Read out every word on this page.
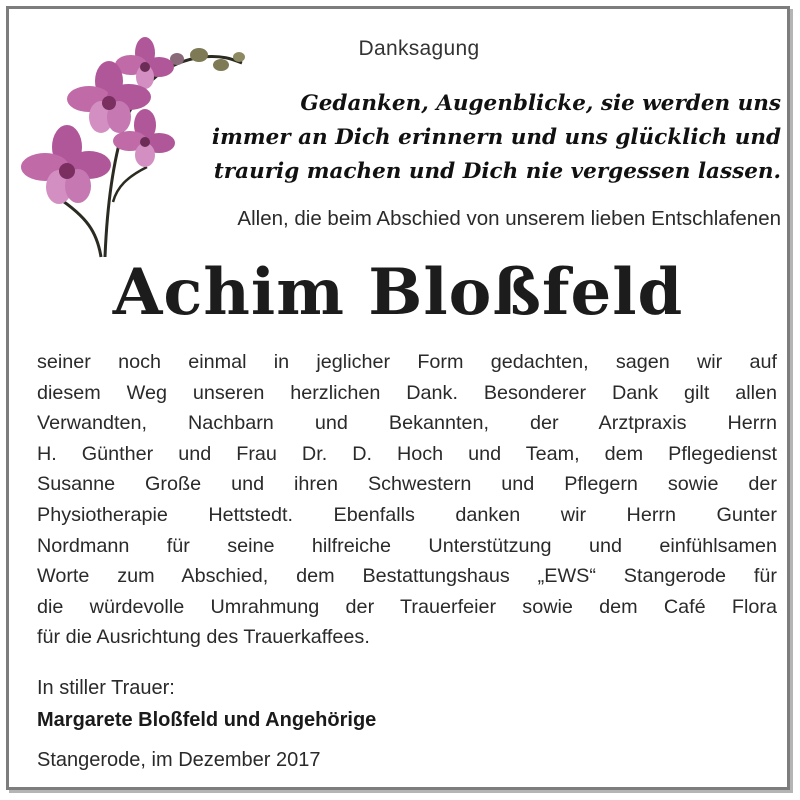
Danksagung

Gedanken, Augenblicke, sie werden uns
immer an Dich erinnern und uns glücklich und
traurig machen und Dich nie vergessen lassen.

Allen, die beim Abschied von unserem lieben Entschlafenen

Achim Bloßfeld

seiner noch einmal in jeglicher Form gedachten, sagen wir auf
diesem Weg unseren herzlichen Dank. Besonderer Dank gilt allen
Verwandten, Nachbarn und Bekannten, der Arztpraxis Herrn
H. Günther und Frau Dr. D. Hoch und Team, dem Pflegedienst
Susanne Große und ihren Schwestern und Pflegern sowie der
Physiotherapie Hettstedt. Ebenfalls danken wir Herrn Gunter
Nordmann für seine hilfreiche Unterstützung und einfühlsamen
Worte zum Abschied, dem Bestattungshaus „EWS“ Stangerode für
die würdevolle Umrahmung der Trauerfeier sowie dem Café Flora
für die Ausrichtung des Trauerkaffees.

In stiller Trauer:

Margarete Bloßfeld und Angehörige

Stangerode, im Dezember 2017
